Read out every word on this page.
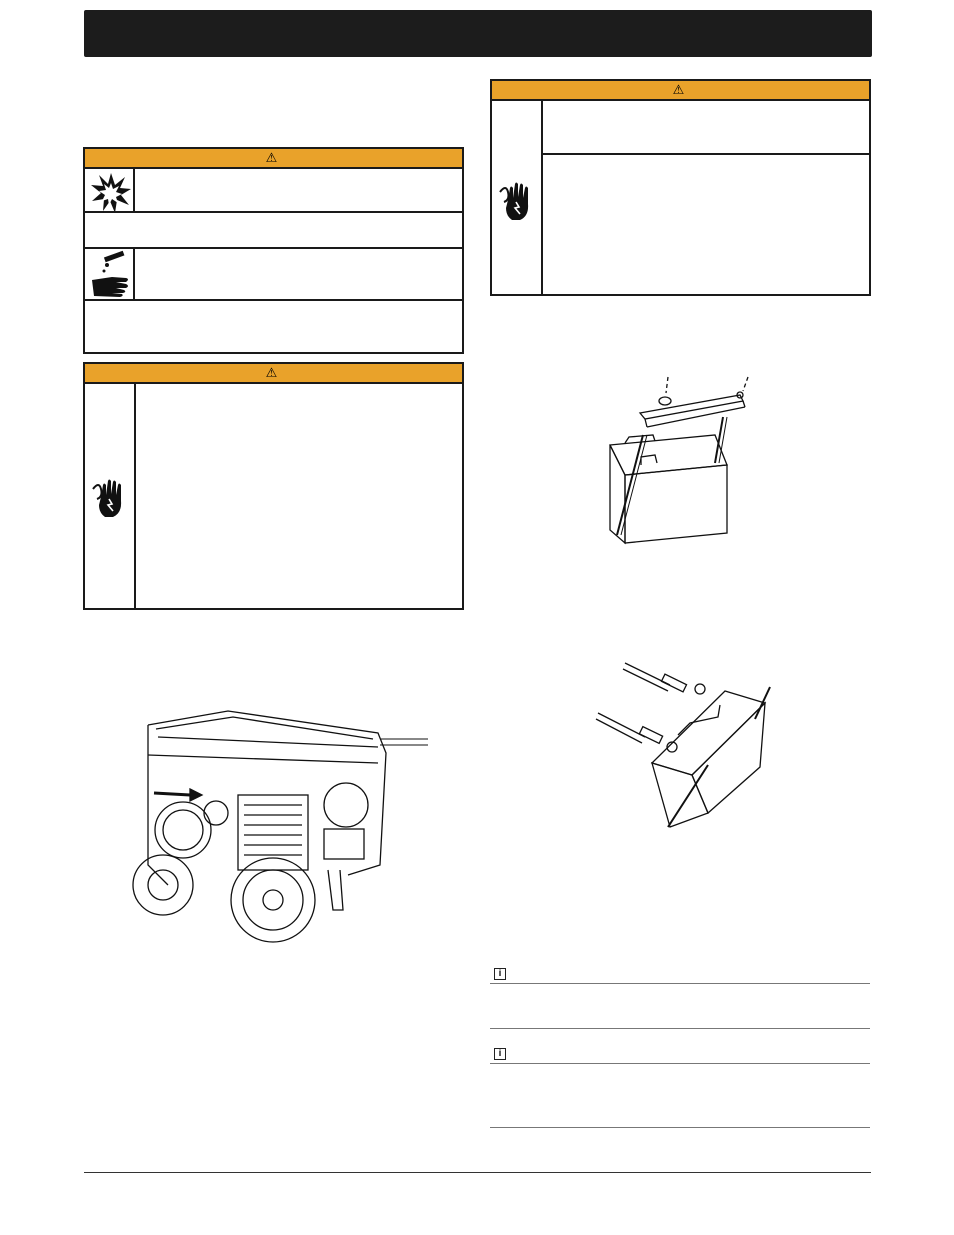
⚠
⚠
⚠
i
i
